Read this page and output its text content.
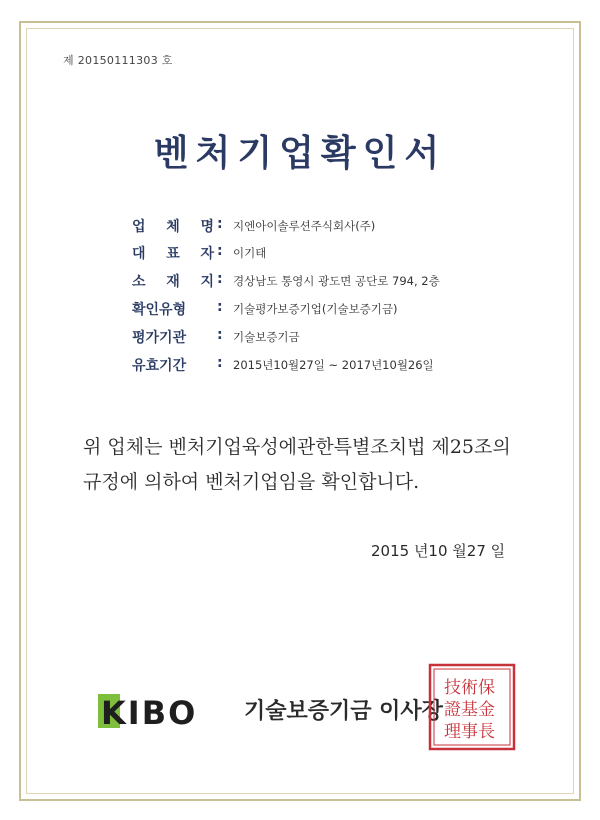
제 20150111303 호
벤처기업확인서
업 체 명 : 지엔아이솔루션주식회사(주)
대 표 자 : 이기태
소 재 지 : 경상남도 통영시 광도면 공단로 794, 2층
확인유형	: 기술평가보증기업(기술보증기금)
평가기관	: 기술보증기금
유효기간	: 2015년10월27일 ~ 2017년10월26일
위 업체는 벤처기업육성에관한특별조치법 제25조의
규정에 의하여 벤처기업임을 확인합니다.
2015 년10 월27 일
KIBO 기술보증기금 이사장
技術保
證基金
理事長
